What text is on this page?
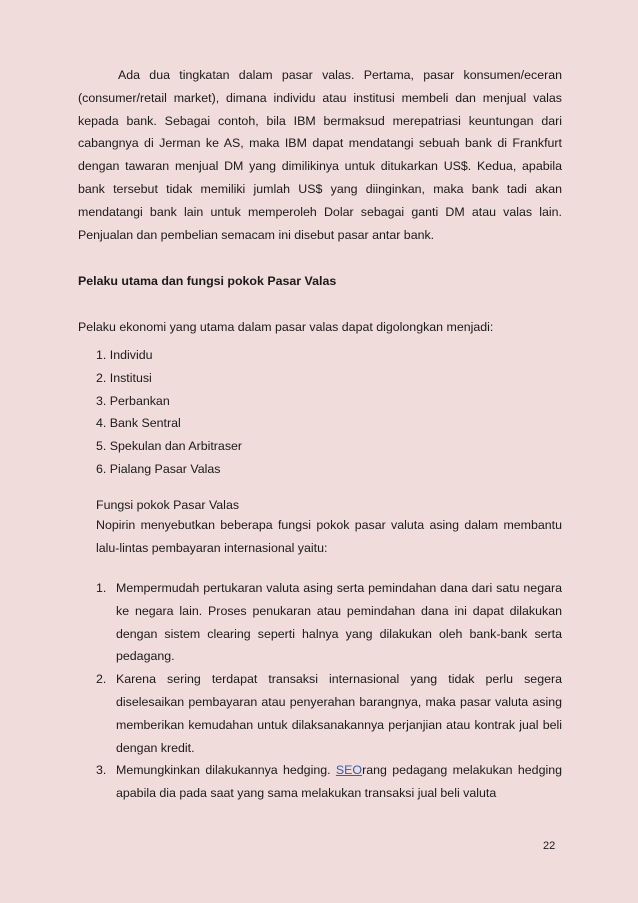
Ada dua tingkatan dalam pasar valas. Pertama, pasar konsumen/eceran (consumer/retail market), dimana individu atau institusi membeli dan menjual valas kepada bank. Sebagai contoh, bila IBM bermaksud merepatriasi keuntungan dari cabangnya di Jerman ke AS, maka IBM dapat mendatangi sebuah bank di Frankfurt dengan tawaran menjual DM yang dimilikinya untuk ditukarkan US$. Kedua, apabila bank tersebut tidak memiliki jumlah US$ yang diinginkan, maka bank tadi akan mendatangi bank lain untuk memperoleh Dolar sebagai ganti DM atau valas lain. Penjualan dan pembelian semacam ini disebut pasar antar bank.
Pelaku utama dan fungsi pokok Pasar Valas
Pelaku ekonomi yang utama dalam pasar valas dapat digolongkan menjadi:
1. Individu
2. Institusi
3. Perbankan
4. Bank Sentral
5. Spekulan dan Arbitraser
6. Pialang Pasar Valas
Fungsi pokok Pasar Valas
Nopirin menyebutkan beberapa fungsi pokok pasar valuta asing dalam membantu lalu-lintas pembayaran internasional yaitu:
1. Mempermudah pertukaran valuta asing serta pemindahan dana dari satu negara ke negara lain. Proses penukaran atau pemindahan dana ini dapat dilakukan dengan sistem clearing seperti halnya yang dilakukan oleh bank-bank serta pedagang.
2. Karena sering terdapat transaksi internasional yang tidak perlu segera diselesaikan pembayaran atau penyerahan barangnya, maka pasar valuta asing memberikan kemudahan untuk dilaksanakannya perjanjian atau kontrak jual beli dengan kredit.
3. Memungkinkan dilakukannya hedging. SEOrang pedagang melakukan hedging apabila dia pada saat yang sama melakukan transaksi jual beli valuta
22
